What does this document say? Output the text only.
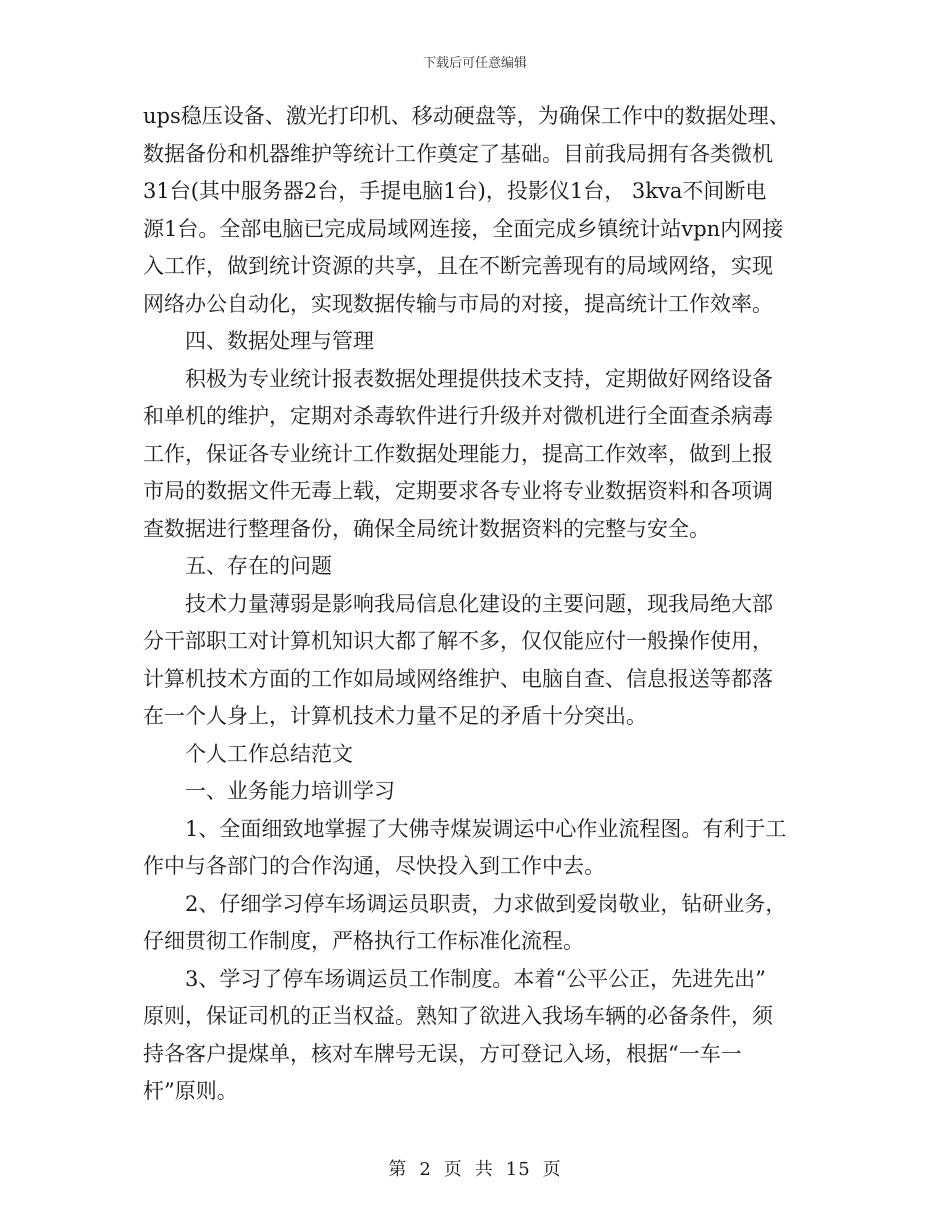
下载后可任意编辑
ups稳压设备、激光打印机、移动硬盘等，为确保工作中的数据处理、
数据备份和机器维护等统计工作奠定了基础。目前我局拥有各类微机
31台(其中服务器2台，手提电脑1台)，投影仪1台， 3kva不间断电
源1台。全部电脑已完成局域网连接，全面完成乡镇统计站vpn内网接
入工作，做到统计资源的共享，且在不断完善现有的局域网络，实现
网络办公自动化，实现数据传输与市局的对接，提高统计工作效率。
四、数据处理与管理
积极为专业统计报表数据处理提供技术支持，定期做好网络设备
和单机的维护，定期对杀毒软件进行升级并对微机进行全面查杀病毒
工作，保证各专业统计工作数据处理能力，提高工作效率，做到上报
市局的数据文件无毒上载，定期要求各专业将专业数据资料和各项调
查数据进行整理备份，确保全局统计数据资料的完整与安全。
五、存在的问题
技术力量薄弱是影响我局信息化建设的主要问题，现我局绝大部
分干部职工对计算机知识大都了解不多，仅仅能应付一般操作使用，
计算机技术方面的工作如局域网络维护、电脑自查、信息报送等都落
在一个人身上，计算机技术力量不足的矛盾十分突出。
个人工作总结范文
一、业务能力培训学习
1、全面细致地掌握了大佛寺煤炭调运中心作业流程图。有利于工
作中与各部门的合作沟通，尽快投入到工作中去。
2、仔细学习停车场调运员职责，力求做到爱岗敬业，钻研业务，
仔细贯彻工作制度，严格执行工作标准化流程。
3、学习了停车场调运员工作制度。本着“公平公正，先进先出”
原则，保证司机的正当权益。熟知了欲进入我场车辆的必备条件，须
持各客户提煤单，核对车牌号无误，方可登记入场，根据“一车一
杆”原则。
第 2 页 共 15 页
